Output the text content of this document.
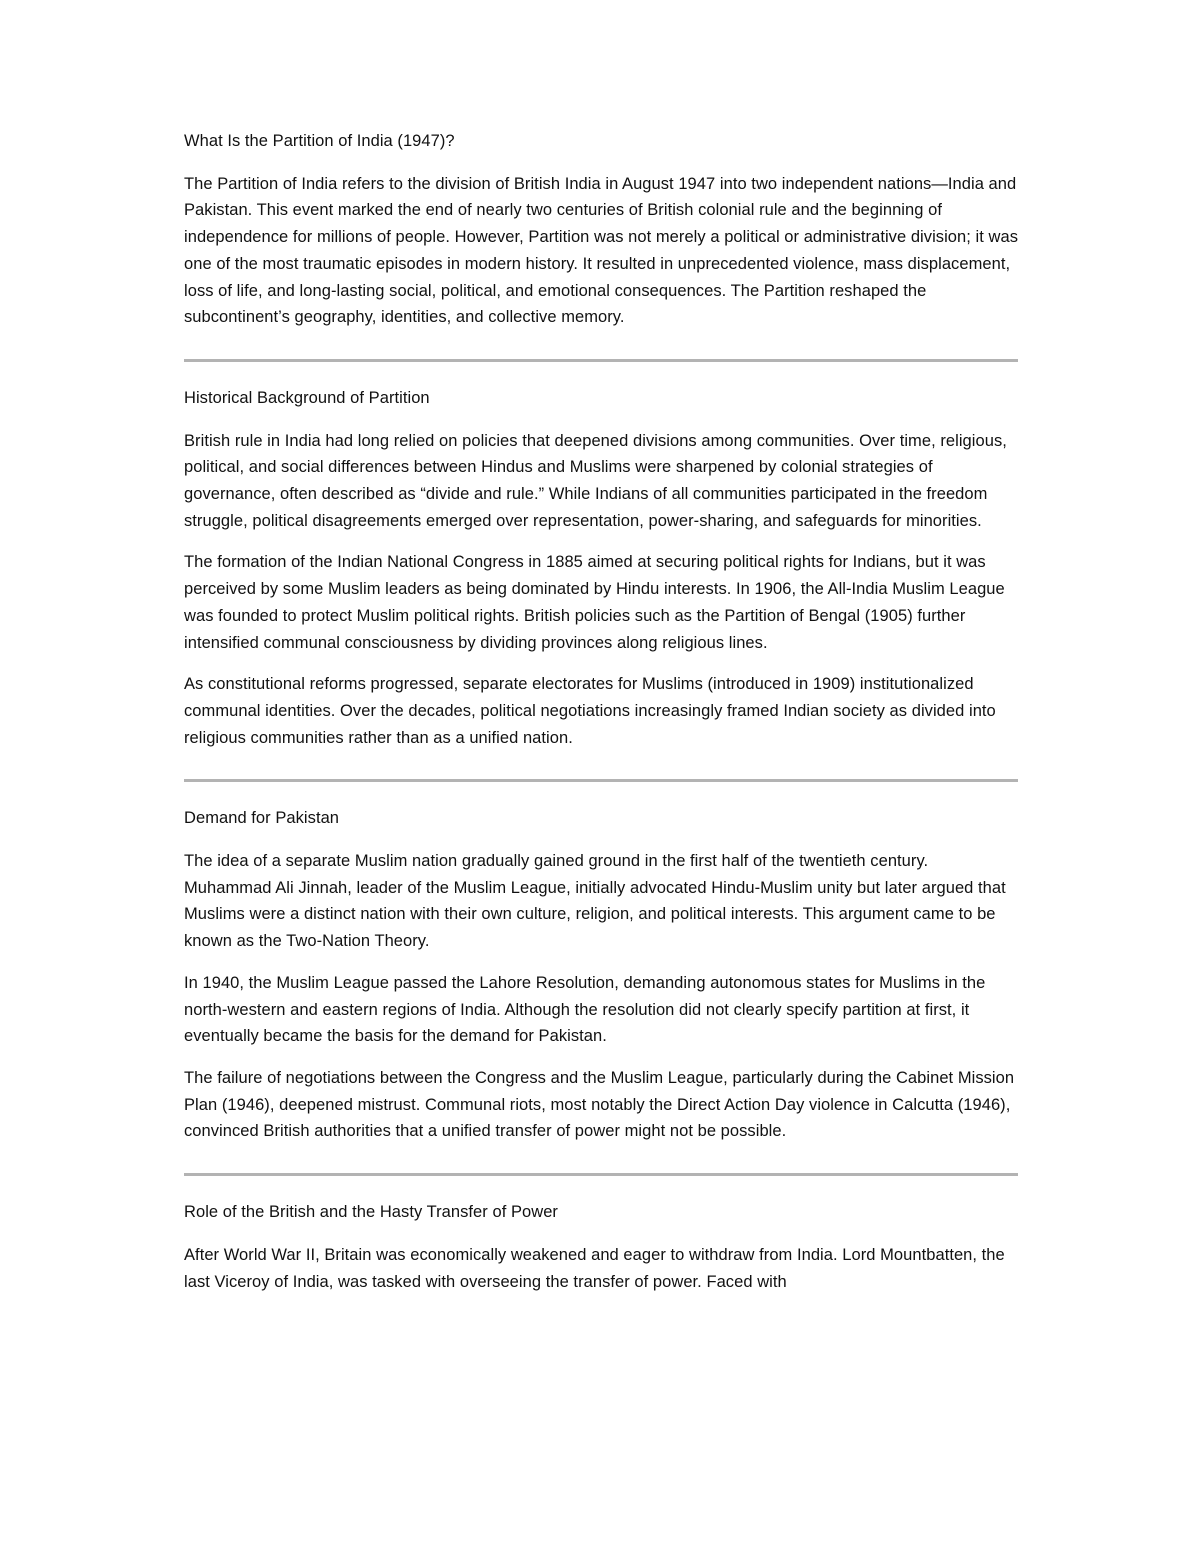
What Is the Partition of India (1947)?

The Partition of India refers to the division of British India in August 1947 into two independent nations—India and Pakistan. This event marked the end of nearly two centuries of British colonial rule and the beginning of independence for millions of people. However, Partition was not merely a political or administrative division; it was one of the most traumatic episodes in modern history. It resulted in unprecedented violence, mass displacement, loss of life, and long-lasting social, political, and emotional consequences. The Partition reshaped the subcontinent’s geography, identities, and collective memory.

Historical Background of Partition

British rule in India had long relied on policies that deepened divisions among communities. Over time, religious, political, and social differences between Hindus and Muslims were sharpened by colonial strategies of governance, often described as “divide and rule.” While Indians of all communities participated in the freedom struggle, political disagreements emerged over representation, power-sharing, and safeguards for minorities.

The formation of the Indian National Congress in 1885 aimed at securing political rights for Indians, but it was perceived by some Muslim leaders as being dominated by Hindu interests. In 1906, the All-India Muslim League was founded to protect Muslim political rights. British policies such as the Partition of Bengal (1905) further intensified communal consciousness by dividing provinces along religious lines.

As constitutional reforms progressed, separate electorates for Muslims (introduced in 1909) institutionalized communal identities. Over the decades, political negotiations increasingly framed Indian society as divided into religious communities rather than as a unified nation.

Demand for Pakistan

The idea of a separate Muslim nation gradually gained ground in the first half of the twentieth century. Muhammad Ali Jinnah, leader of the Muslim League, initially advocated Hindu-Muslim unity but later argued that Muslims were a distinct nation with their own culture, religion, and political interests. This argument came to be known as the Two-Nation Theory.

In 1940, the Muslim League passed the Lahore Resolution, demanding autonomous states for Muslims in the north-western and eastern regions of India. Although the resolution did not clearly specify partition at first, it eventually became the basis for the demand for Pakistan.

The failure of negotiations between the Congress and the Muslim League, particularly during the Cabinet Mission Plan (1946), deepened mistrust. Communal riots, most notably the Direct Action Day violence in Calcutta (1946), convinced British authorities that a unified transfer of power might not be possible.

Role of the British and the Hasty Transfer of Power

After World War II, Britain was economically weakened and eager to withdraw from India. Lord Mountbatten, the last Viceroy of India, was tasked with overseeing the transfer of power. Faced with
